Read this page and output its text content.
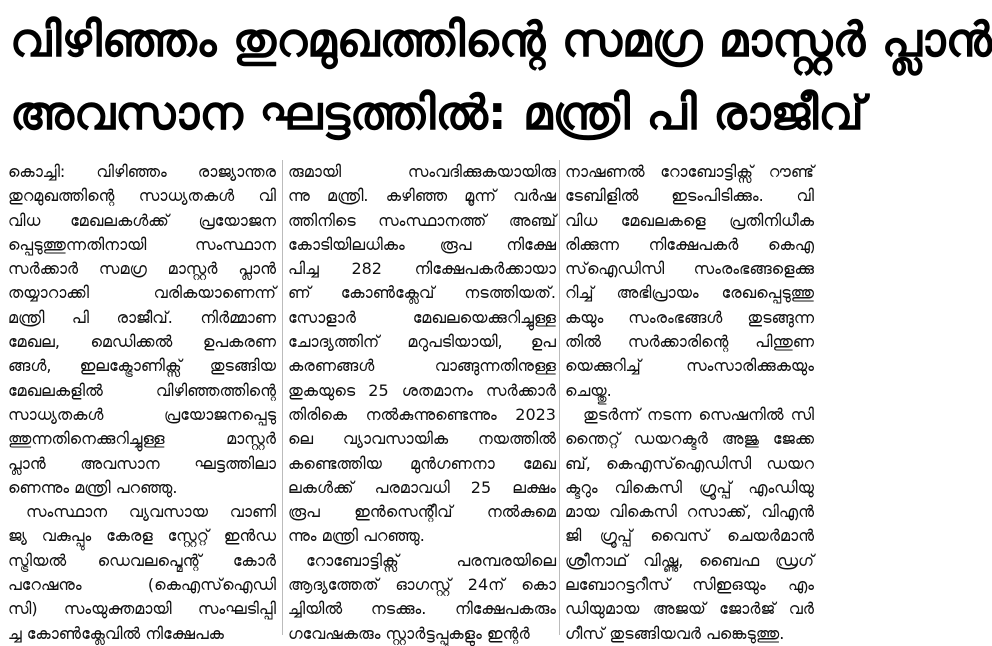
വിഴിഞ്ഞം തുറമുഖത്തിന്റെ സമഗ്ര മാസ്റ്റർ പ്ലാൻ
അവസാന ഘട്ടത്തിൽ: മന്ത്രി പി രാജീവ്
കൊച്ചി: വിഴിഞ്ഞം രാജ്യാന്തര
തുറമുഖത്തിന്റെ സാധ്യതകൾ വി
വിധ മേഖലകൾക്ക് പ്രയോജന
പ്പെടുത്തുന്നതിനായി സംസ്ഥാന
സർക്കാർ സമഗ്ര മാസ്റ്റർ പ്ലാൻ
തയ്യാറാക്കി വരികയാണെന്ന്
മന്ത്രി പി രാജീവ്. നിർമ്മാണ
മേഖല, മെഡിക്കൽ ഉപകരണ
ങ്ങൾ, ഇലക്ട്രോണിക്സ് തുടങ്ങിയ
മേഖലകളിൽ വിഴിഞ്ഞത്തിന്റെ
സാധ്യതകൾ പ്രയോജനപ്പെടു
ത്തുന്നതിനെക്കുറിച്ചുള്ള മാസ്റ്റർ
പ്ലാൻ അവസാന ഘട്ടത്തിലാ
ണെന്നും മന്ത്രി പറഞ്ഞു.
സംസ്ഥാന വ്യവസായ വാണി
ജ്യ വകുപ്പും കേരള സ്റ്റേറ്റ് ഇൻഡ
സ്ട്രിയൽ ഡെവലപ്മെന്റ് കോർ
പറേഷനും (കെഎസ്ഐഡി
സി) സംയുക്തമായി സംഘടിപ്പി
ച്ച കോൺക്ലേവിൽ നിക്ഷേപക
രുമായി സംവദിക്കുകയായിരു
ന്നു മന്ത്രി. കഴിഞ്ഞ മൂന്ന് വർഷ
ത്തിനിടെ സംസ്ഥാനത്ത് അഞ്ച്
കോടിയിലധികം രൂപ നിക്ഷേ
പിച്ച 282 നിക്ഷേപകർക്കായാ
ണ് കോൺക്ലേവ് നടത്തിയത്.
സോളാർ മേഖലയെക്കുറിച്ചുള്ള
ചോദ്യത്തിന് മറുപടിയായി, ഉപ
കരണങ്ങൾ വാങ്ങുന്നതിനുള്ള
തുകയുടെ 25 ശതമാനം സർക്കാർ
തിരികെ നൽകുന്നുണ്ടെന്നും 2023
ലെ വ്യാവസായിക നയത്തിൽ
കണ്ടെത്തിയ മുൻഗണനാ മേഖ
ലകൾക്ക് പരമാവധി 25 ലക്ഷം
രൂപ ഇൻസെന്റീവ് നൽകുമെ
ന്നും മന്ത്രി പറഞ്ഞു.
റോബോട്ടിക്സ് പരമ്പരയിലെ
ആദ്യത്തേത് ഓഗസ്റ്റ് 24ന് കൊ
ച്ചിയിൽ നടക്കും. നിക്ഷേപകരും
ഗവേഷകരും സ്റ്റാർട്ടപ്പുകളും ഇന്റർ
നാഷണൽ റോബോട്ടിക്സ് റൗണ്ട്
ടേബിളിൽ ഇടംപിടിക്കും. വി
വിധ മേഖലകളെ പ്രതിനിധീക
രിക്കുന്ന നിക്ഷേപകർ കെഎ
സ്ഐഡിസി സംരംഭങ്ങളെക്കു
റിച്ച് അഭിപ്രായം രേഖപ്പെടുത്തു
കയും സംരംഭങ്ങൾ തുടങ്ങുന്ന
തിൽ സർക്കാരിന്റെ പിന്തുണ
യെക്കുറിച്ച് സംസാരിക്കുകയും
ചെയ്തു.
തുടർന്ന് നടന്ന സെഷനിൽ സി
ന്തൈറ്റ് ഡയറക്ടർ അജു ജേക്ക
ബ്, കെഎസ്ഐഡിസി ഡയറ
ക്ടറും വികെസി ഗ്രൂപ്പ് എംഡിയു
മായ വികെസി റസാക്ക്, വിഎൻ
ജി ഗ്രൂപ്പ് വൈസ് ചെയർമാൻ
ശ്രീനാഥ് വിഷ്ണു, ബൈഫ ഡ്രഗ്
ലബോറട്ടറീസ് സിഇഒയും എം
ഡിയുമായ അജയ് ജോർജ് വർ
ഗീസ് തുടങ്ങിയവർ പങ്കെടുത്തു.
